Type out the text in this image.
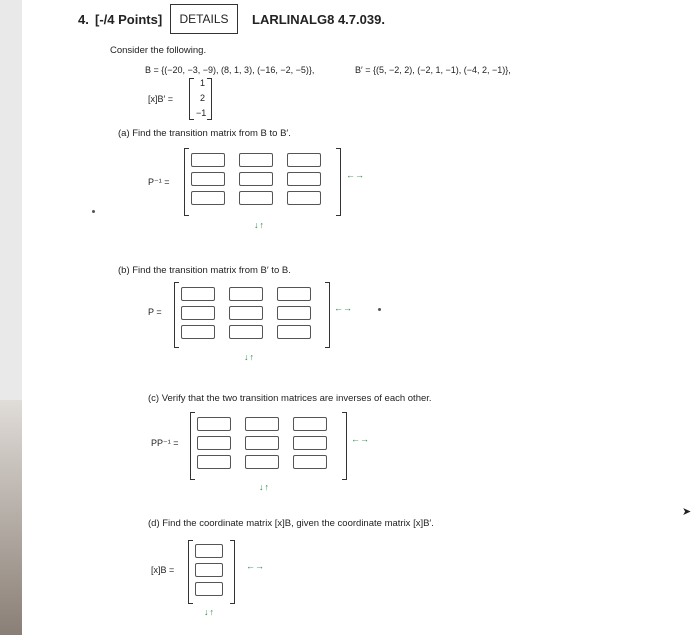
4. [-/4 Points]	DETAILS	LARLINALG8 4.7.039.
Consider the following.
B = {(−20, −3, −9), (8, 1, 3), (−16, −2, −5)},	B′ = {(5, −2, 2), (−2, 1, −1), (−4, 2, −1)},
[x]B′ =
1
2
−1
(a) Find the transition matrix from B to B′.
P⁻¹ =
←→
↓↑
(b) Find the transition matrix from B′ to B.
P =	←→
↓↑
(c) Verify that the two transition matrices are inverses of each other.
PP⁻¹ =	←→
↓↑
(d) Find the coordinate matrix [x]B, given the coordinate matrix [x]B′.
[x]B =	←→
↓↑
➤
